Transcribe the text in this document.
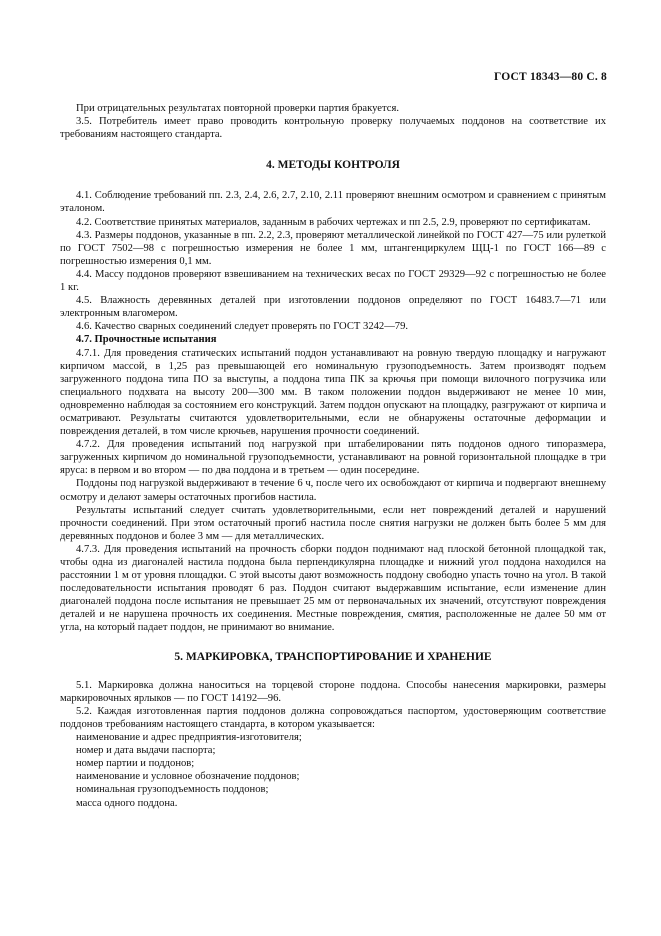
ГОСТ 18343—80 С. 8

При отрицательных результатах повторной проверки партия бракуется.

3.5. Потребитель имеет право проводить контрольную проверку получаемых поддонов на соответствие их требованиям настоящего стандарта.

4. МЕТОДЫ КОНТРОЛЯ

4.1. Соблюдение требований пп. 2.3, 2.4, 2.6, 2.7, 2.10, 2.11 проверяют внешним осмотром и сравнением с принятым эталоном.

4.2. Соответствие принятых материалов, заданным в рабочих чертежах и пп 2.5, 2.9, проверяют по сертификатам.

4.3. Размеры поддонов, указанные в пп. 2.2, 2.3, проверяют металлической линейкой по ГОСТ 427—75 или рулеткой по ГОСТ 7502—98 с погрешностью измерения не более 1 мм, штангенциркулем ЩЦ-1 по ГОСТ 166—89 с погрешностью измерения 0,1 мм.

4.4. Массу поддонов проверяют взвешиванием на технических весах по ГОСТ 29329—92 с погрешностью не более 1 кг.

4.5. Влажность деревянных деталей при изготовлении поддонов определяют по ГОСТ 16483.7—71 или электронным влагомером.

4.6. Качество сварных соединений следует проверять по ГОСТ 3242—79.

4.7. Прочностные испытания

4.7.1. Для проведения статических испытаний поддон устанавливают на ровную твердую площадку и нагружают кирпичом массой, в 1,25 раз превышающей его номинальную грузоподъемность. Затем производят подъем загруженного поддона типа ПО за выступы, а поддона типа ПК за крючья при помощи вилочного погрузчика или специального подхвата на высоту 200—300 мм. В таком положении поддон выдерживают не менее 10 мин, одновременно наблюдая за состоянием его конструкций. Затем поддон опускают на площадку, разгружают от кирпича и осматривают. Результаты считаются удовлетворительными, если не обнаружены остаточные деформации и повреждения деталей, в том числе крючьев, нарушения прочности соединений.

4.7.2. Для проведения испытаний под нагрузкой при штабелировании пять поддонов одного типоразмера, загруженных кирпичом до номинальной грузоподъемности, устанавливают на ровной горизонтальной площадке в три яруса: в первом и во втором — по два поддона и в третьем — один посередине.

Поддоны под нагрузкой выдерживают в течение 6 ч, после чего их освобождают от кирпича и подвергают внешнему осмотру и делают замеры остаточных прогибов настила.

Результаты испытаний следует считать удовлетворительными, если нет повреждений деталей и нарушений прочности соединений. При этом остаточный прогиб настила после снятия нагрузки не должен быть более 5 мм для деревянных поддонов и более 3 мм — для металлических.

4.7.3. Для проведения испытаний на прочность сборки поддон поднимают над плоской бетонной площадкой так, чтобы одна из диагоналей настила поддона была перпендикулярна площадке и нижний угол поддона находился на расстоянии 1 м от уровня площадки. С этой высоты дают возможность поддону свободно упасть точно на угол. В такой последовательности испытания проводят 6 раз. Поддон считают выдержавшим испытание, если изменение длин диагоналей поддона после испытания не превышает 25 мм от первоначальных их значений, отсутствуют повреждения деталей и не нарушена прочность их соединения. Местные повреждения, смятия, расположенные не далее 50 мм от угла, на который падает поддон, не принимают во внимание.

5. МАРКИРОВКА, ТРАНСПОРТИРОВАНИЕ И ХРАНЕНИЕ

5.1. Маркировка должна наноситься на торцевой стороне поддона. Способы нанесения маркировки, размеры маркировочных ярлыков — по ГОСТ 14192—96.

5.2. Каждая изготовленная партия поддонов должна сопровождаться паспортом, удостоверяющим соответствие поддонов требованиям настоящего стандарта, в котором указывается:

наименование и адрес предприятия-изготовителя;

номер и дата выдачи паспорта;

номер партии и поддонов;

наименование и условное обозначение поддонов;

номинальная грузоподъемность поддонов;

масса одного поддона.
